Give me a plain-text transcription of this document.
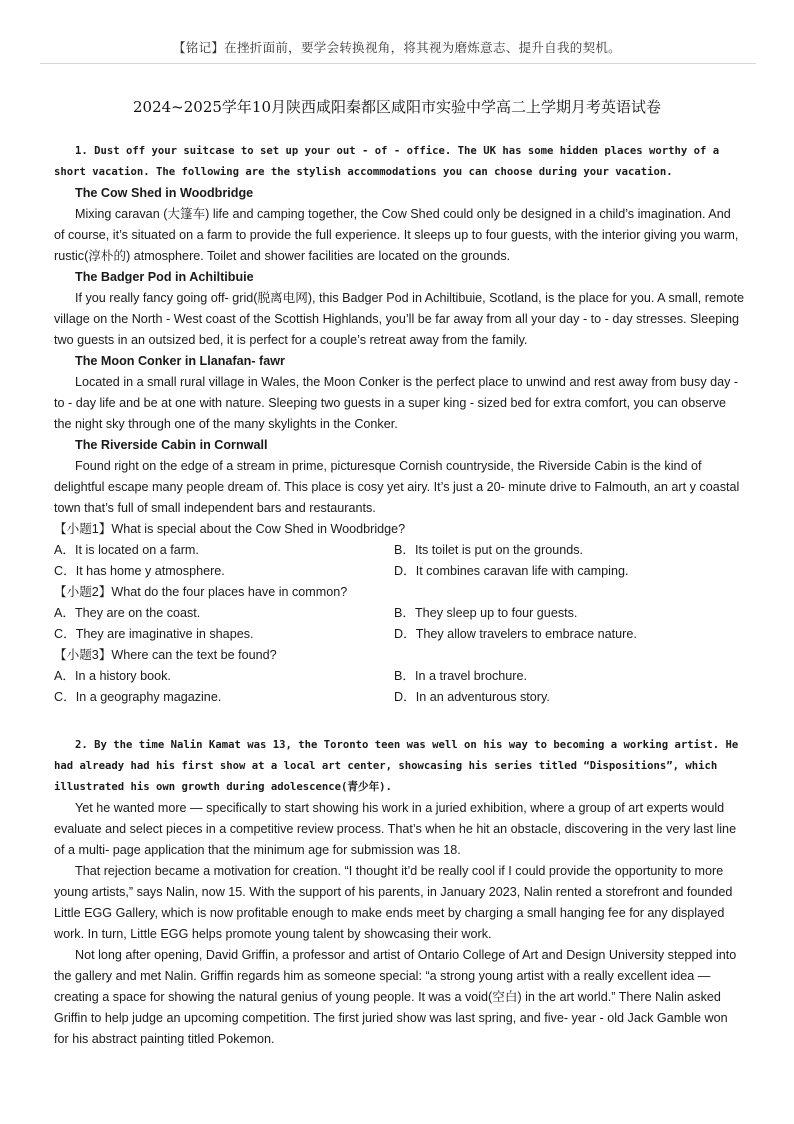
【铭记】在挫折面前，要学会转换视角，将其视为磨炼意志、提升自我的契机。
2024~2025学年10月陕西咸阳秦都区咸阳市实验中学高二上学期月考英语试卷

1. Dust off your suitcase to set up your out - of - office. The UK has some hidden places worthy of a short vacation. The following are the stylish accommodations you can choose during your vacation.

The Cow Shed in Woodbridge

Mixing caravan (大篷车) life and camping together, the Cow Shed could only be designed in a child’s imagination. And of course, it’s situated on a farm to provide the full experience. It sleeps up to four guests, with the interior giving you warm, rustic(淳朴的) atmosphere. Toilet and shower facilities are located on the grounds.

The Badger Pod in Achiltibuie

If you really fancy going off- grid(脱离电网), this Badger Pod in Achiltibuie, Scotland, is the place for you. A small, remote village on the North - West coast of the Scottish Highlands, you’ll be far away from all your day - to - day stresses. Sleeping two guests in an outsized bed, it is perfect for a couple’s retreat away from the family.

The Moon Conker in Llanafan- fawr

Located in a small rural village in Wales, the Moon Conker is the perfect place to unwind and rest away from busy day - to - day life and be at one with nature. Sleeping two guests in a super king - sized bed for extra comfort, you can observe the night sky through one of the many skylights in the Conker.

The Riverside Cabin in Cornwall

Found right on the edge of a stream in prime, picturesque Cornish countryside, the Riverside Cabin is the kind of delightful escape many people dream of. This place is cosy yet airy. It’s just a 20- minute drive to Falmouth, an art y coastal town that’s full of small independent bars and restaurants.

【小题1】What is special about the Cow Shed in Woodbridge?

A．It is located on a farm.	B．Its toilet is put on the grounds.
C．It has home y atmosphere.	D．It combines caravan life with camping.

【小题2】What do the four places have in common?

A．They are on the coast.	B．They sleep up to four guests.
C．They are imaginative in shapes.	D．They allow travelers to embrace nature.

【小题3】Where can the text be found?

A．In a history book.	B．In a travel brochure.
C．In a geography magazine.	D．In an adventurous story.

2. By the time Nalin Kamat was 13, the Toronto teen was well on his way to becoming a working artist. He had already had his first show at a local art center, showcasing his series titled “Dispositions”, which illustrated his own growth during adolescence(青少年).

Yet he wanted more — specifically to start showing his work in a juried exhibition, where a group of art experts would evaluate and select pieces in a competitive review process. That’s when he hit an obstacle, discovering in the very last line of a multi- page application that the minimum age for submission was 18.

That rejection became a motivation for creation. “I thought it’d be really cool if I could provide the opportunity to more young artists,” says Nalin, now 15. With the support of his parents, in January 2023, Nalin rented a storefront and founded Little EGG Gallery, which is now profitable enough to make ends meet by charging a small hanging fee for any displayed work. In turn, Little EGG helps promote young talent by showcasing their work.

Not long after opening, David Griffin, a professor and artist of Ontario College of Art and Design University stepped into the gallery and met Nalin. Griffin regards him as someone special: “a strong young artist with a really excellent idea — creating a space for showing the natural genius of young people. It was a void(空白) in the art world.” There Nalin asked Griffin to help judge an upcoming competition. The first juried show was last spring, and five- year - old Jack Gamble won for his abstract painting titled Pokemon.
